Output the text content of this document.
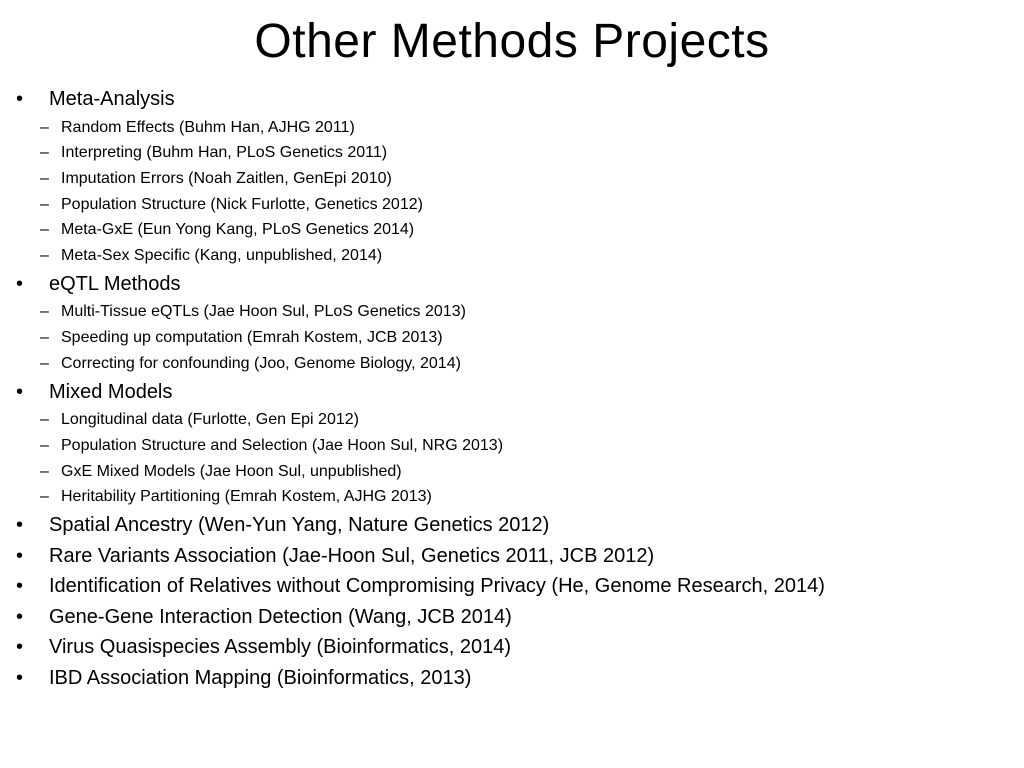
Other Methods Projects
•	Meta-Analysis
– Random Effects (Buhm Han, AJHG 2011)
– Interpreting (Buhm Han, PLoS Genetics 2011)
– Imputation Errors (Noah Zaitlen, GenEpi 2010)
– Population Structure (Nick Furlotte, Genetics 2012)
– Meta-GxE (Eun Yong Kang, PLoS Genetics 2014)
– Meta-Sex Specific (Kang, unpublished, 2014)
•	eQTL Methods
– Multi-Tissue eQTLs (Jae Hoon Sul, PLoS Genetics 2013)
– Speeding up computation (Emrah Kostem, JCB 2013)
– Correcting for confounding (Joo, Genome Biology, 2014)
•	Mixed Models
– Longitudinal data (Furlotte, Gen Epi 2012)
– Population Structure and Selection (Jae Hoon Sul, NRG 2013)
– GxE Mixed Models (Jae Hoon Sul, unpublished)
– Heritability Partitioning (Emrah Kostem, AJHG 2013)
•	Spatial Ancestry (Wen-Yun Yang, Nature Genetics 2012)
•	Rare Variants Association (Jae-Hoon Sul, Genetics 2011, JCB 2012)
•	Identification of Relatives without Compromising Privacy (He, Genome Research, 2014)
•	Gene-Gene Interaction Detection (Wang, JCB 2014)
•	Virus Quasispecies Assembly (Bioinformatics, 2014)
•	IBD Association Mapping (Bioinformatics, 2013)
